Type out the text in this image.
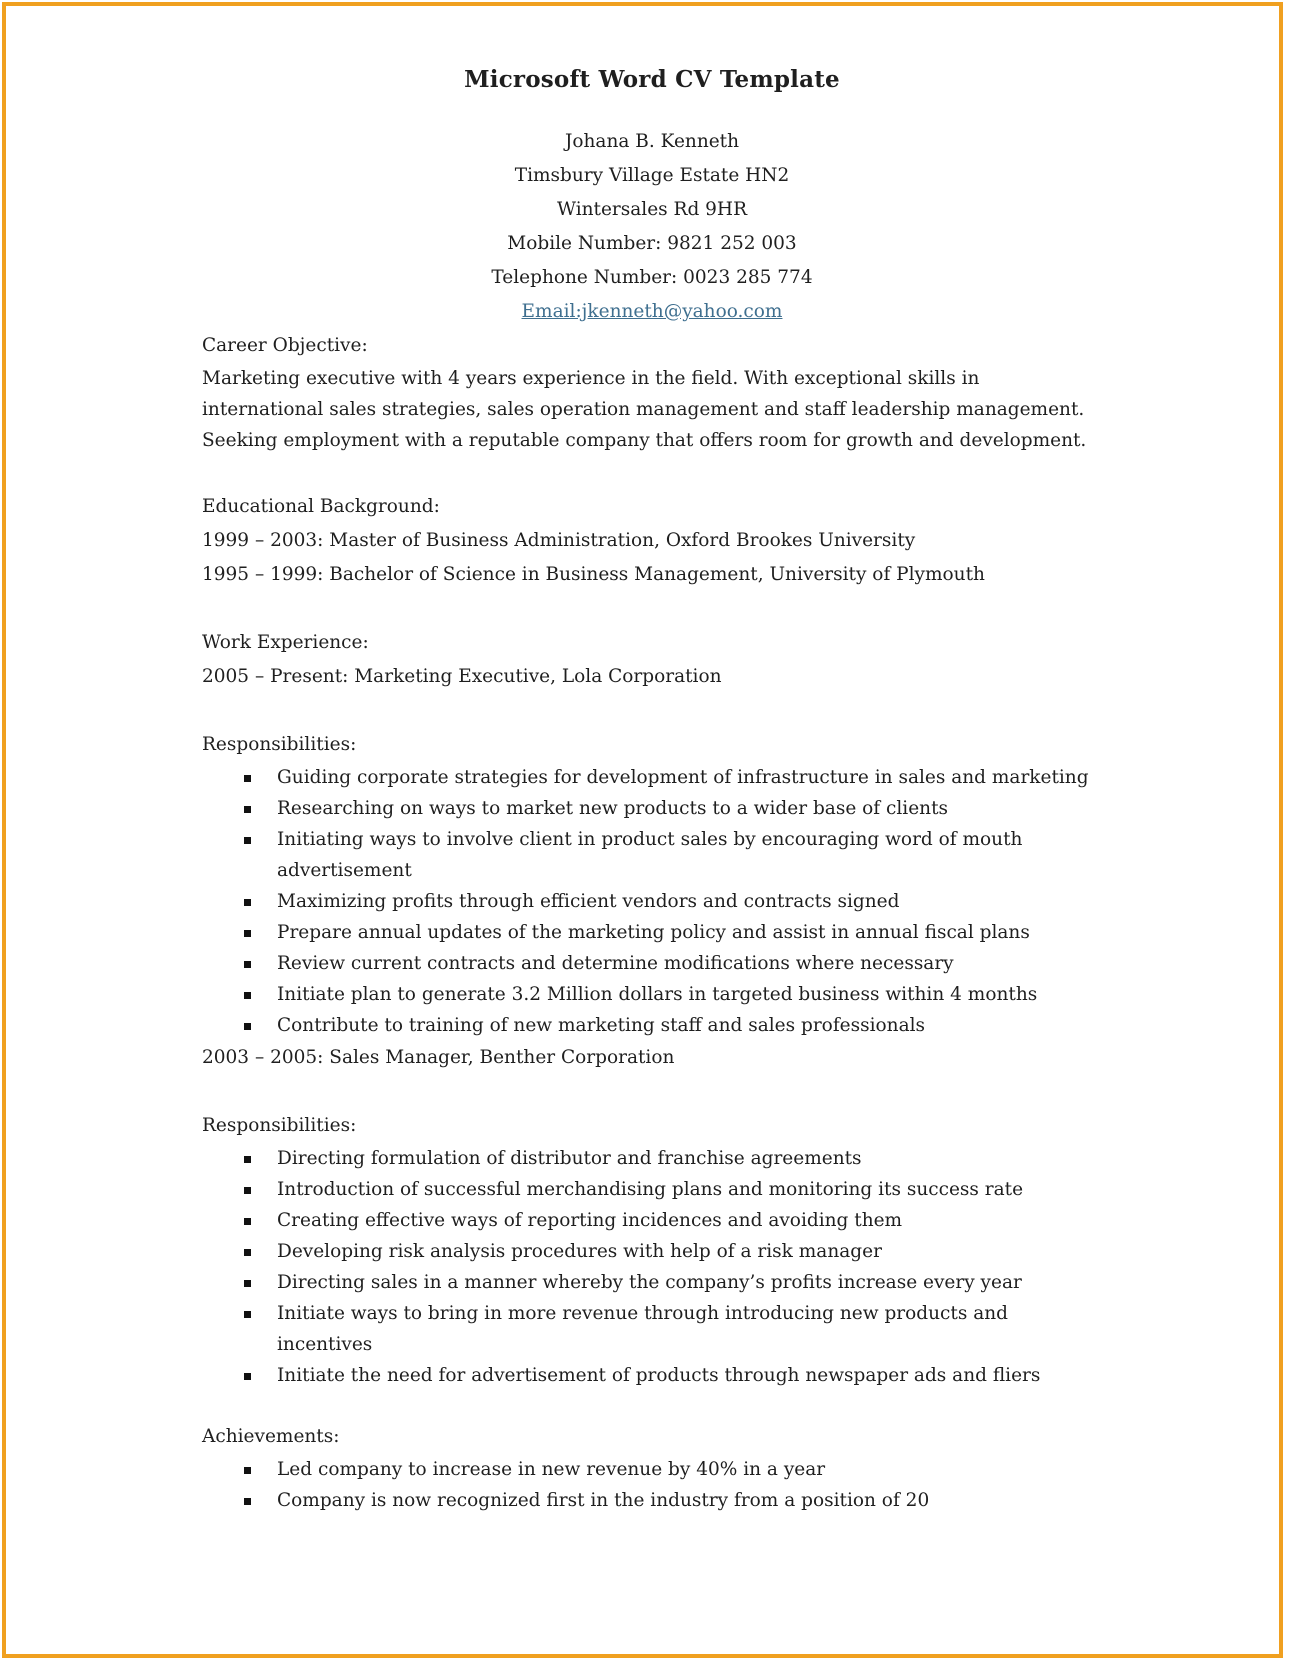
Microsoft Word CV Template
Johana B. Kenneth
Timsbury Village Estate HN2
Wintersales Rd 9HR
Mobile Number: 9821 252 003
Telephone Number: 0023 285 774
Email:jkenneth@yahoo.com

Career Objective:

Marketing executive with 4 years experience in the field. With exceptional skills in international sales strategies, sales operation management and staff leadership management. Seeking employment with a reputable company that offers room for growth and development.

Educational Background:

1999 – 2003: Master of Business Administration, Oxford Brookes University

1995 – 1999: Bachelor of Science in Business Management, University of Plymouth

Work Experience:

2005 – Present: Marketing Executive, Lola Corporation

Responsibilities:

Guiding corporate strategies for development of infrastructure in sales and marketing
Researching on ways to market new products to a wider base of clients
Initiating ways to involve client in product sales by encouraging word of mouth advertisement
Maximizing profits through efficient vendors and contracts signed
Prepare annual updates of the marketing policy and assist in annual fiscal plans
Review current contracts and determine modifications where necessary
Initiate plan to generate 3.2 Million dollars in targeted business within 4 months
Contribute to training of new marketing staff and sales professionals

2003 – 2005: Sales Manager, Benther Corporation

Responsibilities:

Directing formulation of distributor and franchise agreements
Introduction of successful merchandising plans and monitoring its success rate
Creating effective ways of reporting incidences and avoiding them
Developing risk analysis procedures with help of a risk manager
Directing sales in a manner whereby the company’s profits increase every year
Initiate ways to bring in more revenue through introducing new products and incentives
Initiate the need for advertisement of products through newspaper ads and fliers

Achievements:

Led company to increase in new revenue by 40% in a year
Company is now recognized first in the industry from a position of 20
